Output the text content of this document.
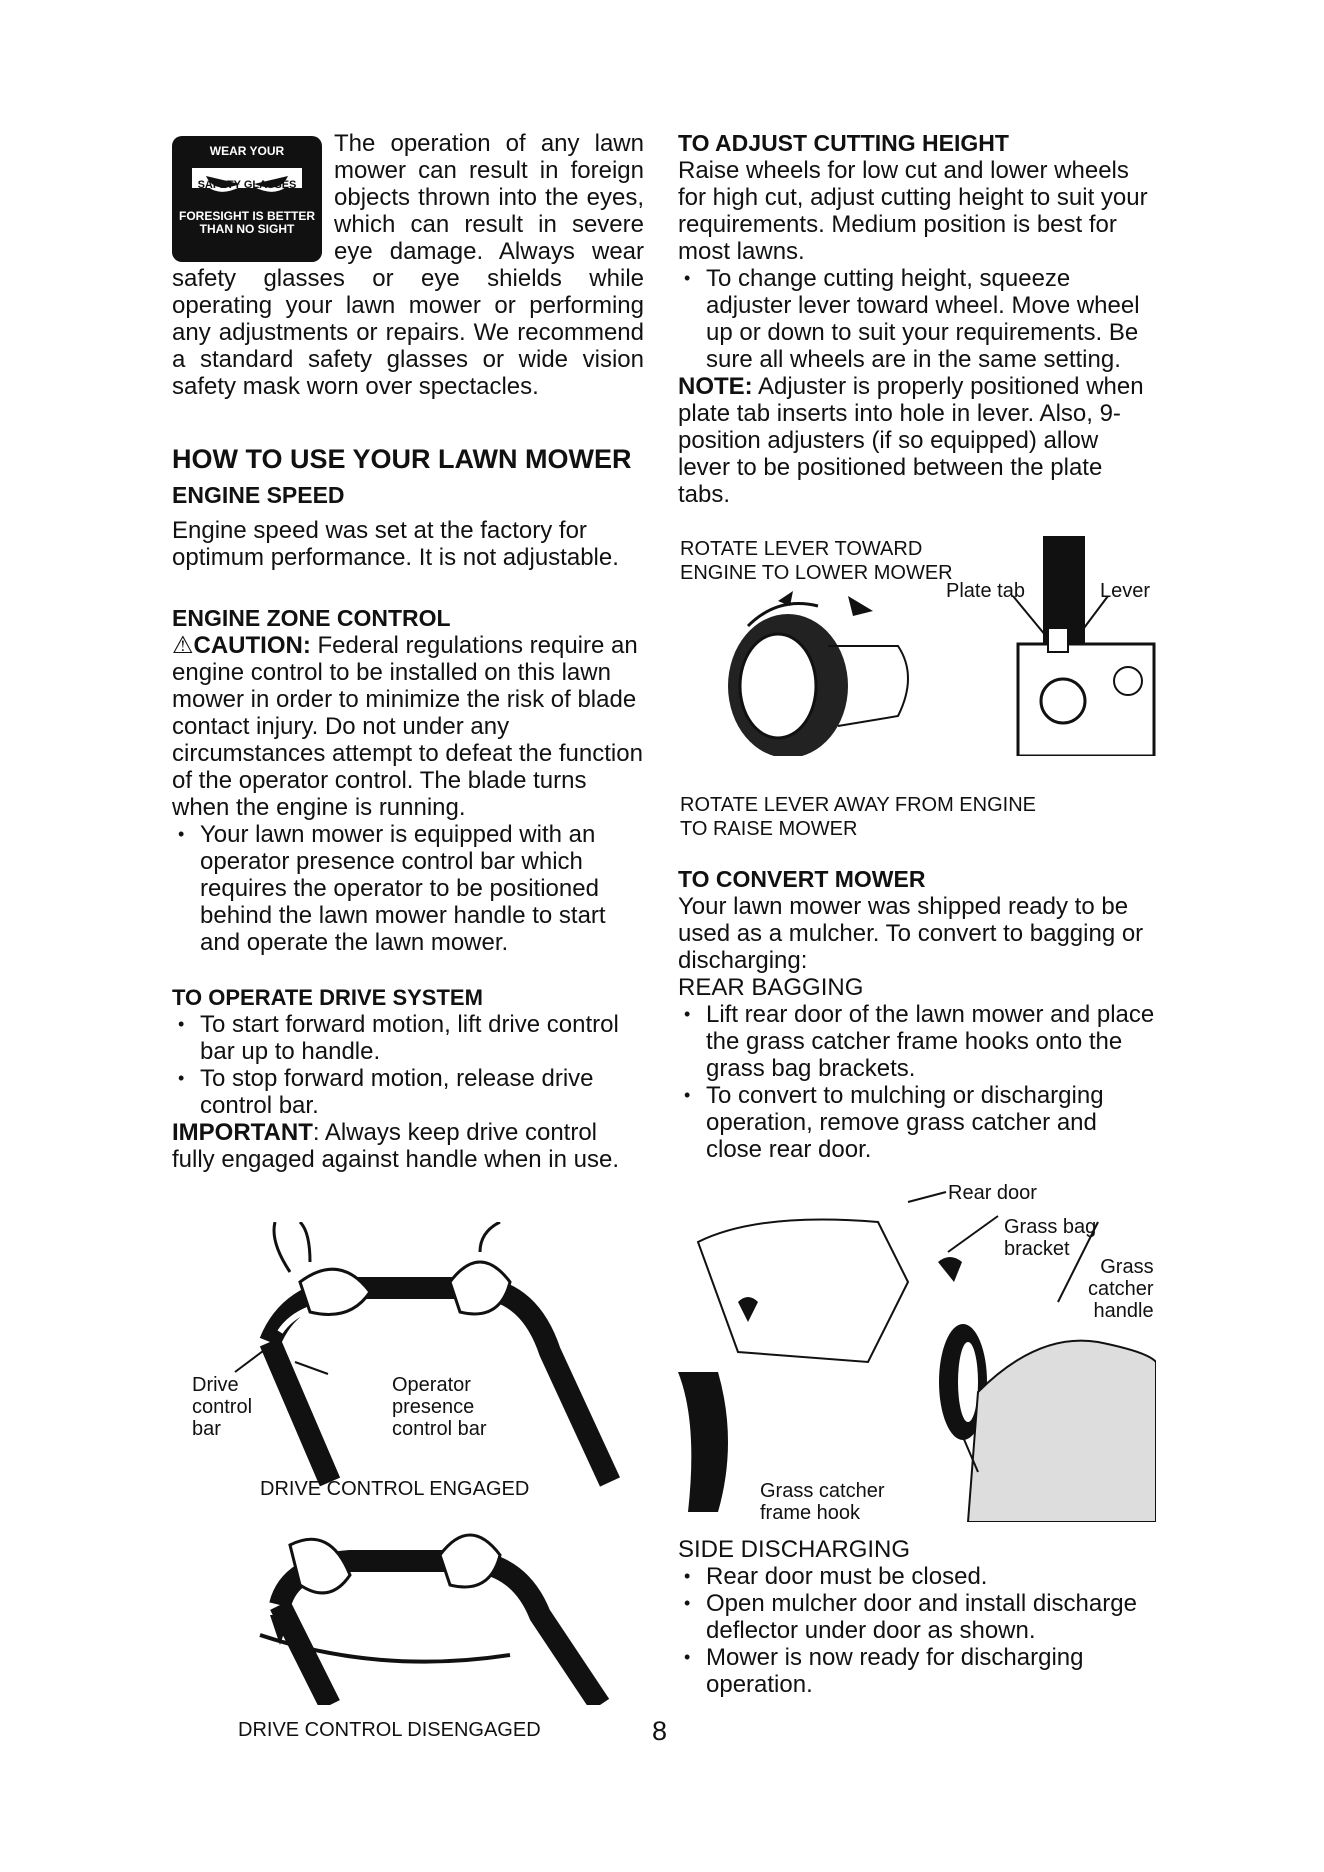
WEAR YOUR
SAFETY GLASSES
FORESIGHT IS BETTER
THAN NO SIGHT

The operation of any lawn mower can result in foreign objects thrown into the eyes, which can result in severe eye damage. Always wear safety glasses or eye shields while operating your lawn mower or performing any adjustments or repairs. We recommend a standard safety glasses or wide vision safety mask worn over spectacles.

HOW TO USE YOUR LAWN MOWER
ENGINE SPEED

Engine speed was set at the factory for optimum performance. It is not adjustable.

ENGINE ZONE CONTROL

⚠CAUTION: Federal regulations require an engine control to be installed on this lawn mower in order to minimize the risk of blade contact injury. Do not under any circumstances attempt to defeat the function of the operator control. The blade turns when the engine is running.

• Your lawn mower is equipped with an operator presence control bar which requires the operator to be positioned behind the lawn mower handle to start and operate the lawn mower.
TO OPERATE DRIVE SYSTEM
• To start forward motion, lift drive control bar up to handle.
• To stop forward motion, release drive control bar.

IMPORTANT: Always keep drive control fully engaged against handle when in use.

Drive
control
bar
Operator
presence
control bar
DRIVE CONTROL ENGAGED
DRIVE CONTROL DISENGAGED
TO ADJUST CUTTING HEIGHT

Raise wheels for low cut and lower wheels for high cut, adjust cutting height to suit your requirements. Medium position is best for most lawns.

• To change cutting height, squeeze adjuster lever toward wheel. Move wheel up or down to suit your requirements. Be sure all wheels are in the same setting.

NOTE: Adjuster is properly positioned when plate tab inserts into hole in lever. Also, 9-position adjusters (if so equipped) allow lever to be positioned between the plate tabs.

ROTATE LEVER TOWARD
ENGINE TO LOWER MOWER
Plate tab	Lever
ROTATE LEVER AWAY FROM ENGINE
TO RAISE MOWER
TO CONVERT MOWER

Your lawn mower was shipped ready to be used as a mulcher. To convert to bagging or discharging:

REAR BAGGING

• Lift rear door of the lawn mower and place the grass catcher frame hooks onto the grass bag brackets.
• To convert to mulching or discharging operation, remove grass catcher and close rear door.
Rear door
Grass bag
bracket
Grass
catcher
handle
Grass catcher
frame hook

SIDE DISCHARGING

• Rear door must be closed.
• Open mulcher door and install discharge deflector under door as shown.
• Mower is now ready for discharging operation.
8
